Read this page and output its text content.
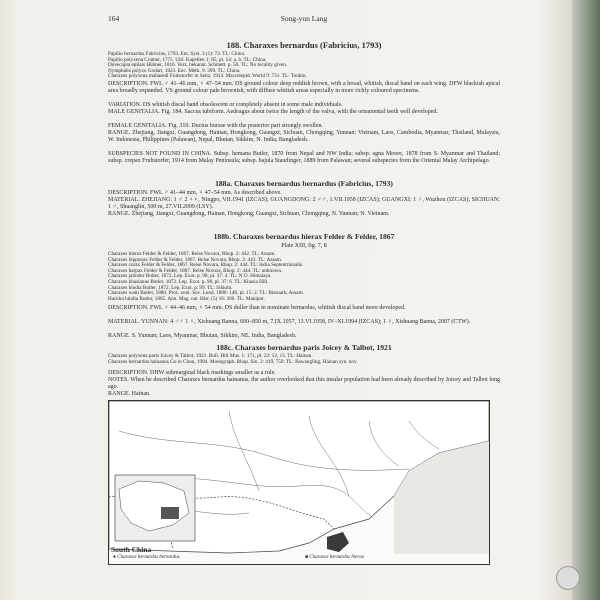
164	Song-yun Lang
188. Charaxes bernardus (Fabricius, 1793)
Papilio bernardus Fabricius, 1793. Ent. Syst. 3 (1): 72. TL: China.
Papilio polyxena Cramer, 1775. Uitl. Kapellen 1: 85, pl. 54: a, b. TL: China.
Dovecapia epilais Hübner, 1816. Verz. bekannt. Schmett. p. 50. TL: No locality given.
Nymphalis polyxo Godart, 1823. Enc. Méth. 9: 399. TL: China.
Charaxes polyxena mahasedi Fruhstorfer in Seitz, 1914. Macrolepid. World 9: 731. TL: Tonkin.
DESCRIPTION. FWL ♂ 41–46 mm, ♀ 47–54 mm. DS ground colour deep reddish brown, with a broad, whitish, discal band on each wing. DFW blackish apical area broadly expanded. VS ground colour pale brownish, with diffuse whitish areas especially in more richly coloured specimens.
VARIATION. DS whitish discal band obsolescent or completely absent in some male individuals.
MALE GENITALIA. Fig. 184. Saccus tubiform. Aedeagus about twice the length of the valva, with the ornamental teeth well developed.
FEMALE GENITALIA. Fig. 310. Ductus bursae with the posterior part strongly swollen.
RANGE. Zhejiang, Jiangxi, Guangdong, Hainan, Hongkong, Guangxi, Sichuan, Chongqing, Yunnan; Vietnam, Laos, Cambodia, Myanmar, Thailand, Malaysia, W. Indonesia, Philippines (Palawan), Nepal, Bhutan, Sikkim, N. India, Bangladesh.
SUBSPECIES NOT FOUND IN CHINA. Subsp. hemana Butler, 1870 from Nepal and NW India; subsp. agna Moore, 1878 from S. Myanmar and Thailand; subsp. crepax Fruhstorfer, 1914 from Malay Peninsula; subsp. bajula Staudinger, 1889 from Palawan; several subspecies from the Oriental Malay Archipelago.
188a. Charaxes bernardus bernardus (Fabricius, 1793)
DESCRIPTION. FWL ♂ 41–44 mm, ♀ 47–54 mm. As described above.
MATERIAL. ZHEJIANG: 1 ♂ 2 ♀♀, Ningpo, VII.1941 (IZCAS); GUANGDONG: 2 ♂♂, 1.VII.1958 (IZCAS); GUANGXI: 1 ♂, Wuzhou (IZCAS); SICHUAN: 1 ♂, Shuanglin, 500 m, 27.VII.2009 (LSY).
RANGE. Zhejiang, Jiangxi, Guangdong, Hainan, Hongkong, Guangxi, Sichuan, Chongqing, N. Yunnan; N. Vietnam.
188b. Charaxes bernardus hierax Felder & Felder, 1867
Plate XIII, fig. 7, 8
Charaxes hierax Felder & Felder, 1867. Reise Novara, Rhop. 2: 442. TL: Assam.
Charaxes hipponax Felder & Felder, 1867. Reise Novara, Rhop. 2: 443. TL: Assam.
Charaxes corax Felder & Felder, 1867. Reise Novara, Rhop. 2: 444. TL: India Septentrionalis.
Charaxes harpax Felder & Felder, 1867. Reise Novara, Rhop. 2: 444. TL: unknown.
Charaxes jalinder Butler, 1872. Lep. Exot. p. 98, pl. 37: 4. TL: N.O. Himalaya.
Charaxes khasianus Butler, 1872. Lep. Exot. p. 98, pl. 37: 6. TL: Khasia Hill.
Charaxes bindia Butler, 1872. Lep. Exot. p. 99. TL: Sikkim.
Charaxes watti Butler, 1880. Proc. zool. Soc. Lond. 1880: 148, pl. 15: 2. TL: Bissnath, Assam.
Haridra hindia Butler, 1885. Ann. Mag. nat. Hist. (5) 16: 306. TL: Manipur.
DESCRIPTION. FWL ♂ 44–46 mm, ♀ 54 mm. DS duller than in nominate bernardus, whitish discal band more developed.
MATERIAL. YUNNAN: 4 ♂♂ 1 ♀, Xishuang Banna, 600–850 m, 7.IX.1957, 13.VI.1958, IV–XI.1994 (IZCAS); 1 ♀, Xishuang Banna, 2007 (CTW).
RANGE. S. Yunnan; Laos, Myanmar, Bhutan, Sikkim, NE. India, Bangladesh.
188c. Charaxes bernardus paris Joicey & Talbot, 1921
Charaxes polyxena paris Joicey & Talbot, 1921. Bull. Hill Mus. 1: 171, pl. 22: 12, 13. TL: Hainan.
Charaxes bernardus hainanus Gu in Chou, 1994. Monograph. Rhop. Sin. 2: 419, 759. TL: Bawangling, Hainan syn. nov.
DESCRIPTION. DHW submarginal black markings smaller as a rule.
NOTES. When he described Charaxes bernardus hainanus, the author overlooked that this insular population had been already described by Joicey and Talbot long ago.
RANGE. Hainan.
South China
● Charaxes bernardus bernardus	■ Charaxes bernardus hierax
